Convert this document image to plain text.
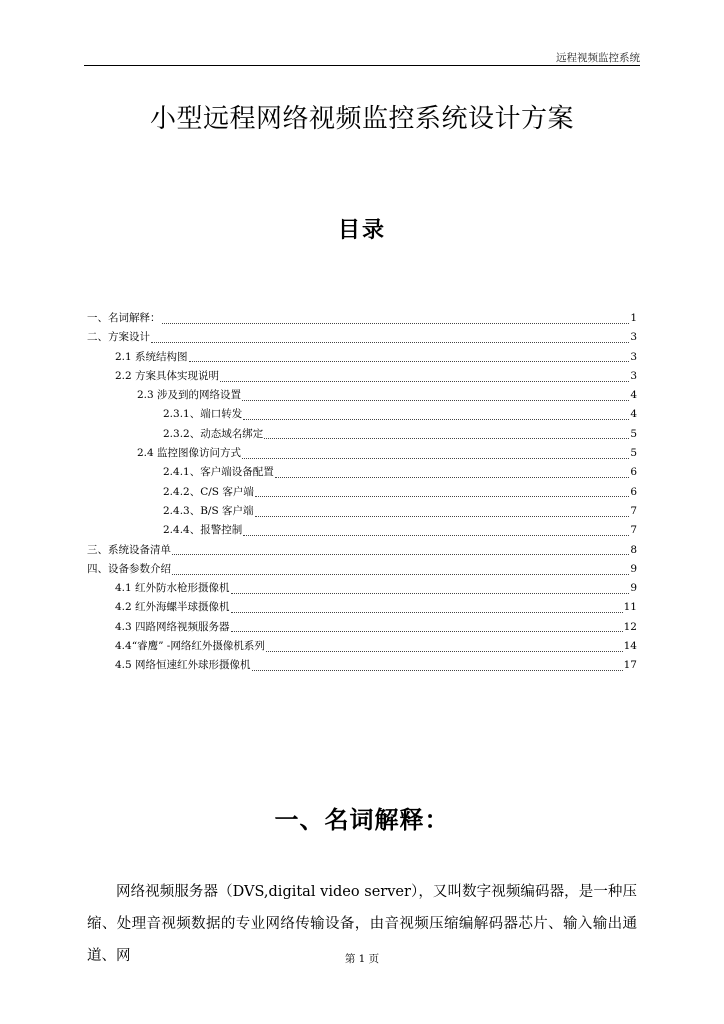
远程视频监控系统
小型远程网络视频监控系统设计方案
目录
一、名词解释：	1
二、方案设计	3
2.1 系统结构图	3
2.2 方案具体实现说明	3
2.3 涉及到的网络设置	4
2.3.1、端口转发	4
2.3.2、动态域名绑定	5
2.4 监控图像访问方式	5
2.4.1、客户端设备配置	6
2.4.2、C/S 客户端	6
2.4.3、B/S 客户端	7
2.4.4、报警控制	7
三、系统设备清单	8
四、设备参数介绍	9
4.1 红外防水枪形摄像机	9
4.2 红外海螺半球摄像机	11
4.3 四路网络视频服务器	12
4.4“睿鹰” -网络红外摄像机系列	14
4.5 网络恒速红外球形摄像机	17
一、名词解释：
网络视频服务器（DVS,digital video server），又叫数字视频编码器，是一种压缩、处理音视频数据的专业网络传输设备，由音视频压缩编解码器芯片、输入输出通道、网	第 1 页
